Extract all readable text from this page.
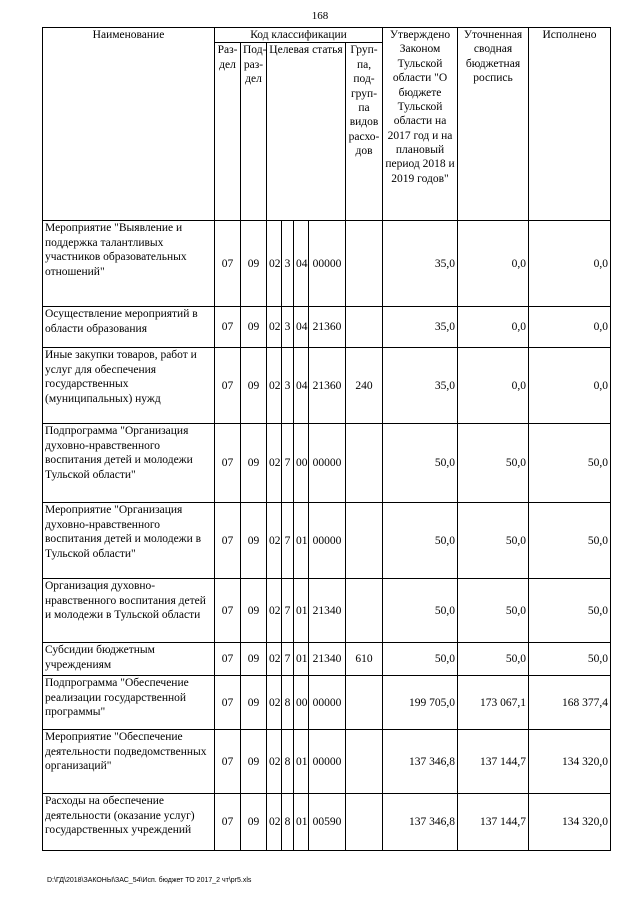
168
Наименование	Код классификации							Утверждено Законом Тульской области "О бюджете Тульской области на 2017 год и на плановый период 2018 и 2019 годов"	Уточненная сводная бюджетная роспись	Исполнено
	Раз- дел	Под- раз- дел	Целевая статья				Груп- па, под- груп- па видов расхо- дов			
Мероприятие "Выявление и поддержка талантливых участников образовательных отношений"	07	09	02	3	04	00000		35,0	0,0	0,0
Осуществление мероприятий в области образования	07	09	02	3	04	21360		35,0	0,0	0,0
Иные закупки товаров, работ и услуг для обеспечения государственных (муниципальных) нужд	07	09	02	3	04	21360	240	35,0	0,0	0,0
Подпрограмма "Организация духовно-нравственного воспитания детей и молодежи Тульской области"	07	09	02	7	00	00000		50,0	50,0	50,0
Мероприятие "Организация духовно-нравственного воспитания детей и молодежи в Тульской области"	07	09	02	7	01	00000		50,0	50,0	50,0
Организация духовно-нравственного воспитания детей и молодежи в Тульской области	07	09	02	7	01	21340		50,0	50,0	50,0
Субсидии бюджетным учреждениям	07	09	02	7	01	21340	610	50,0	50,0	50,0
Подпрограмма "Обеспечение реализации государственной программы"	07	09	02	8	00	00000		199 705,0	173 067,1	168 377,4
Мероприятие "Обеспечение деятельности подведомственных организаций"	07	09	02	8	01	00000		137 346,8	137 144,7	134 320,0
Расходы на обеспечение деятельности (оказание услуг) государственных учреждений	07	09	02	8	01	00590		137 346,8	137 144,7	134 320,0
D:\ГД\2018\ЗАКОНЫ\ЗАС_54\Исп. бюджет ТО 2017_2 чт\pr5.xls
